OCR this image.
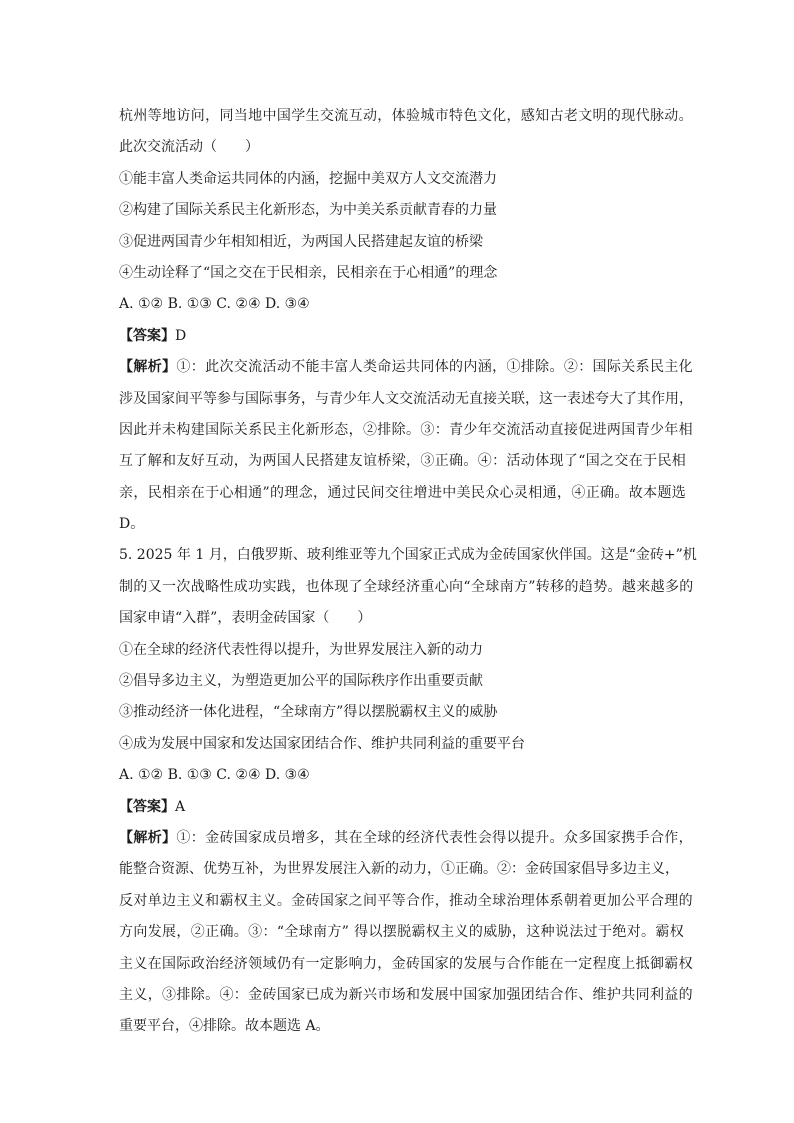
杭州等地访问，同当地中国学生交流互动，体验城市特色文化，感知古老文明的现代脉动。
此次交流活动（　　）
①能丰富人类命运共同体的内涵，挖掘中美双方人文交流潜力
②构建了国际关系民主化新形态，为中美关系贡献青春的力量
③促进两国青少年相知相近，为两国人民搭建起友谊的桥梁
④生动诠释了“国之交在于民相亲，民相亲在于心相通”的理念
A. ①② B. ①③ C. ②④ D. ③④
【答案】D
【解析】①：此次交流活动不能丰富人类命运共同体的内涵，①排除。②：国际关系民主化
涉及国家间平等参与国际事务，与青少年人文交流活动无直接关联，这一表述夸大了其作用，
因此并未构建国际关系民主化新形态，②排除。③：青少年交流活动直接促进两国青少年相
互了解和友好互动，为两国人民搭建友谊桥梁，③正确。④：活动体现了“国之交在于民相
亲，民相亲在于心相通”的理念，通过民间交往增进中美民众心灵相通，④正确。故本题选
D。
5. 2025 年 1 月，白俄罗斯、玻利维亚等九个国家正式成为金砖国家伙伴国。这是“金砖+”机
制的又一次战略性成功实践，也体现了全球经济重心向“全球南方”转移的趋势。越来越多的
国家申请“入群”，表明金砖国家（　　）
①在全球的经济代表性得以提升，为世界发展注入新的动力
②倡导多边主义，为塑造更加公平的国际秩序作出重要贡献
③推动经济一体化进程，“全球南方”得以摆脱霸权主义的威胁
④成为发展中国家和发达国家团结合作、维护共同利益的重要平台
A. ①② B. ①③ C. ②④ D. ③④
【答案】A
【解析】①：金砖国家成员增多，其在全球的经济代表性会得以提升。众多国家携手合作，
能整合资源、优势互补，为世界发展注入新的动力，①正确。②：金砖国家倡导多边主义，
反对单边主义和霸权主义。金砖国家之间平等合作，推动全球治理体系朝着更加公平合理的
方向发展，②正确。③：“全球南方” 得以摆脱霸权主义的威胁，这种说法过于绝对。霸权
主义在国际政治经济领域仍有一定影响力，金砖国家的发展与合作能在一定程度上抵御霸权
主义，③排除。④：金砖国家已成为新兴市场和发展中国家加强团结合作、维护共同利益的
重要平台，④排除。故本题选 A。
